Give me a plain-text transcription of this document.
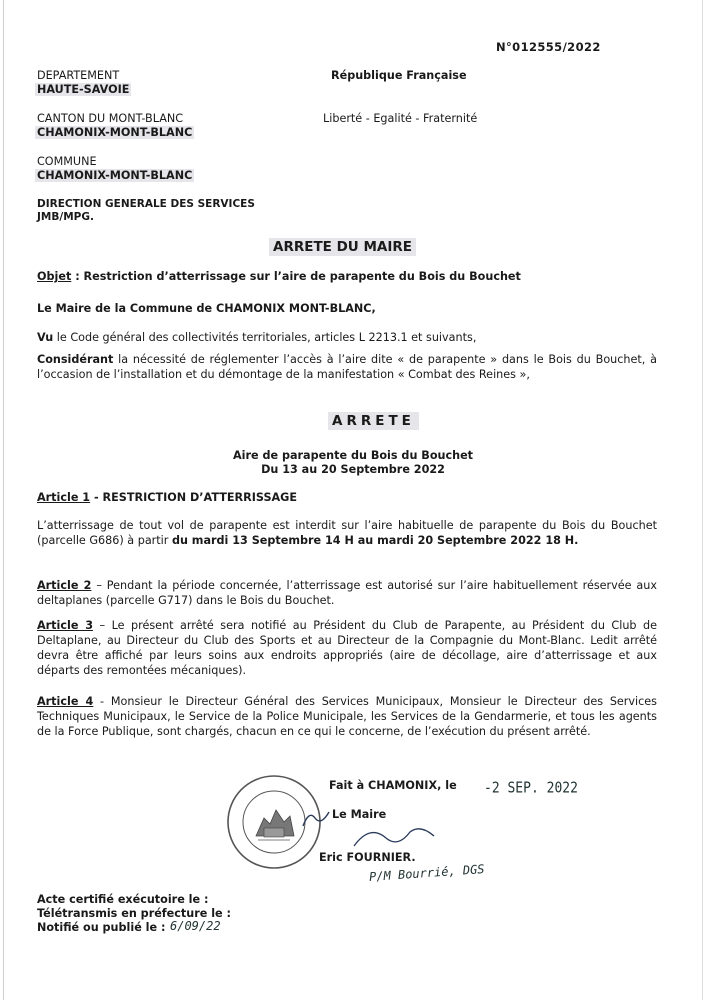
N°012555/2022
DEPARTEMENT
HAUTE-SAVOIE
CANTON DU MONT-BLANC
CHAMONIX-MONT-BLANC
COMMUNE
CHAMONIX-MONT-BLANC
DIRECTION GENERALE DES SERVICES
JMB/MPG.
République Française
Liberté - Egalité - Fraternité
ARRETE DU MAIRE
Objet : Restriction d’atterrissage sur l’aire de parapente du Bois du Bouchet
Le Maire de la Commune de CHAMONIX MONT-BLANC,
Vu le Code général des collectivités territoriales, articles L 2213.1 et suivants,
Considérant la nécessité de réglementer l’accès à l’aire dite « de parapente » dans le Bois du Bouchet, à l’occasion de l’installation et du démontage de la manifestation « Combat des Reines »,
ARRETE
Aire de parapente du Bois du Bouchet
Du 13 au 20 Septembre 2022
Article 1 - RESTRICTION D’ATTERRISSAGE
L’atterrissage de tout vol de parapente est interdit sur l’aire habituelle de parapente du Bois du Bouchet (parcelle G686) à partir du mardi 13 Septembre 14 H au mardi 20 Septembre 2022 18 H.
Article 2 – Pendant la période concernée, l’atterrissage est autorisé sur l’aire habituellement réservée aux deltaplanes (parcelle G717) dans le Bois du Bouchet.
Article 3 – Le présent arrêté sera notifié au Président du Club de Parapente, au Président du Club de Deltaplane, au Directeur du Club des Sports et au Directeur de la Compagnie du Mont-Blanc. Ledit arrêté devra être affiché par leurs soins aux endroits appropriés (aire de décollage, aire d’atterrissage et aux départs des remontées mécaniques).
Article 4 - Monsieur le Directeur Général des Services Municipaux, Monsieur le Directeur des Services Techniques Municipaux, le Service de la Police Municipale, les Services de la Gendarmerie, et tous les agents de la Force Publique, sont chargés, chacun en ce qui le concerne, de l’exécution du présent arrêté.
Fait à CHAMONIX, le -2 SEP. 2022
Le Maire
Eric FOURNIER.
P/M Bourrié, DGS
Acte certifié exécutoire le :
Télétransmis en préfecture le :
Notifié ou publié le : 6/09/22
